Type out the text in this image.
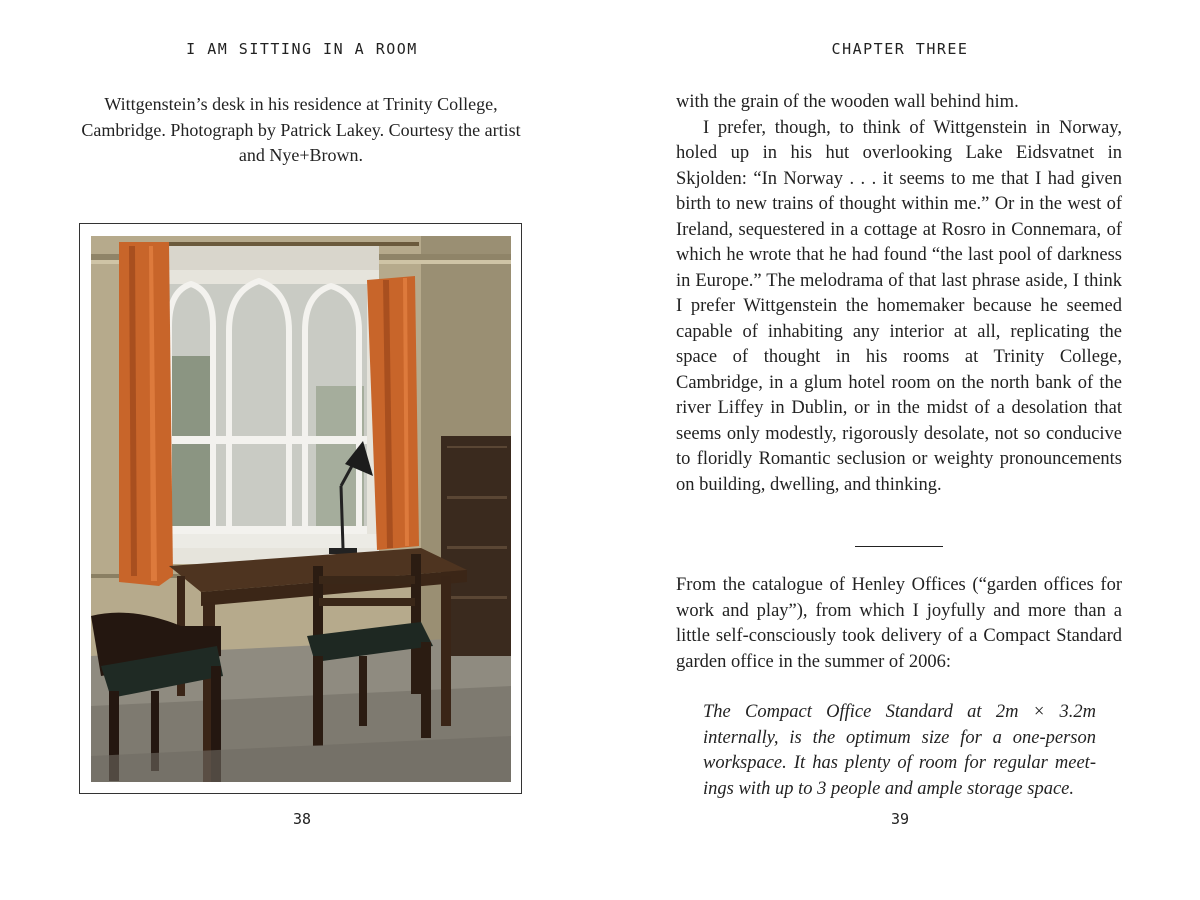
I AM SITTING IN A ROOM
Wittgenstein’s desk in his residence at Trinity College, Cambridge. Photograph by Patrick Lakey. Courtesy the artist and Nye+Brown.
38
CHAPTER THREE
39

with the grain of the wooden wall behind him.

I prefer, though, to think of Wittgenstein in Norway, holed up in his hut overlooking Lake Eidsvatnet in Skjolden: “In Norway . . . it seems to me that I had given birth to new trains of thought within me.” Or in the west of Ireland, sequestered in a cottage at Rosro in Connemara, of which he wrote that he had found “the last pool of darkness in Europe.” The melodrama of that last phrase aside, I think I prefer Wittgenstein the homemaker because he seemed capable of inhabiting any interior at all, replicating the space of thought in his rooms at Trinity College, Cambridge, in a glum hotel room on the north bank of the river Liffey in Dublin, or in the midst of a desolation that seems only modestly, rigorously desolate, not so conducive to floridly Romantic seclusion or weighty pronouncements on building, dwelling, and thinking.

From the catalogue of Henley Offices (“garden offices for work and play”), from which I joyfully and more than a little self-consciously took delivery of a Compact Standard garden office in the summer of 2006:

The Compact Office Standard at 2m × 3.2m internally, is the optimum size for a one-person workspace. It has plenty of room for regular meetings with up to 3 people and ample storage space.
